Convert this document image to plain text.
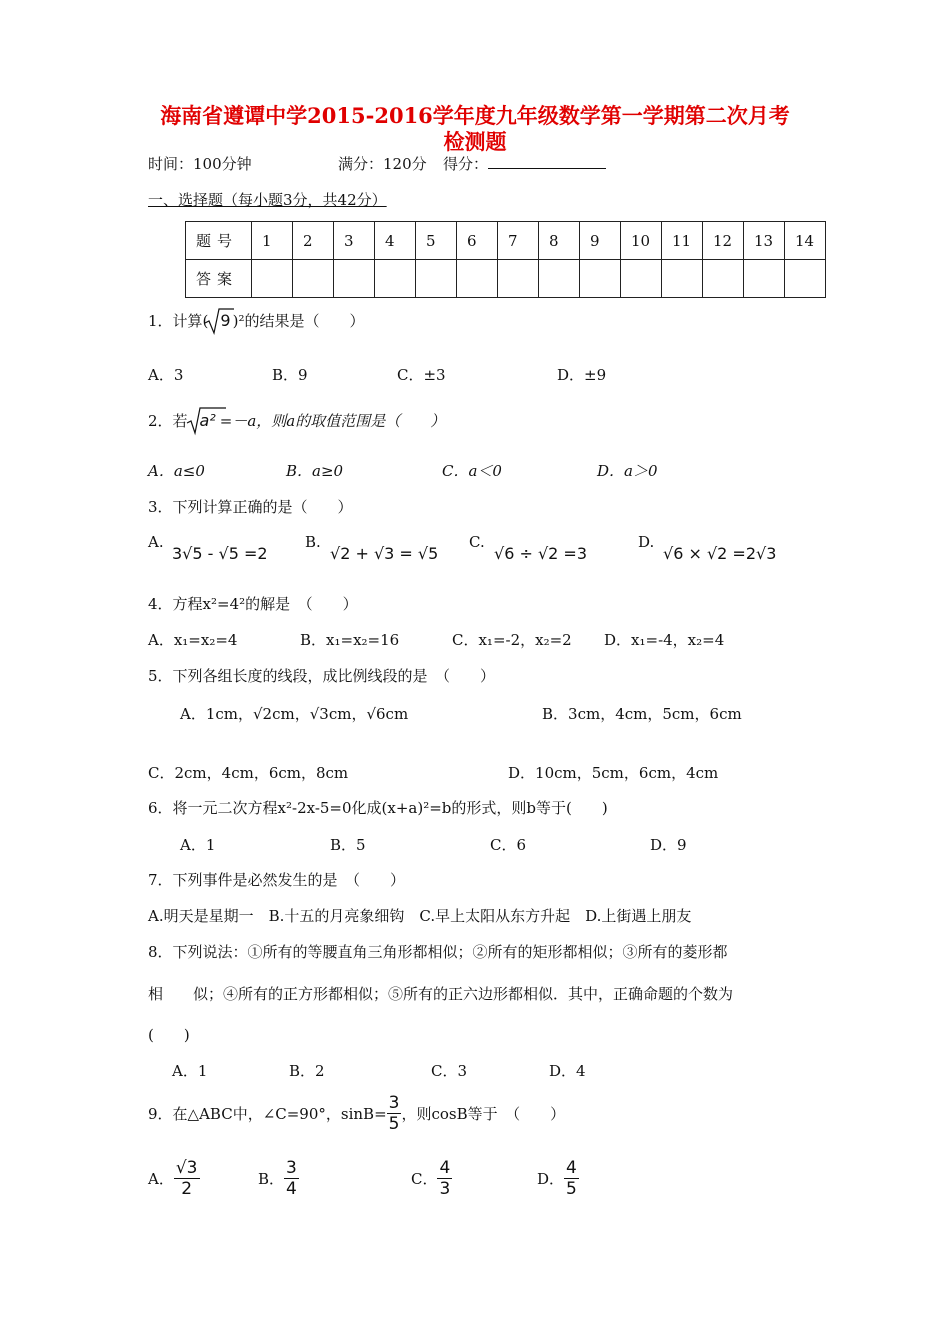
海南省遵谭中学2015-2016学年度九年级数学第一学期第二次月考
检测题
时间：100分钟	满分：120分 得分：
一、选择题（每小题3分，共42分）
题号	1	2	3	4	5	6	7	8	9	10	11	12	13	14
答案														
1．计算( 9 )²的结果是（　　）
A．3	B．9	C．±3	D．±9
2．若 a² =－a，则a的取值范围是（　　）
A．a≤0	B．a≥0	C．a＜0	D．a＞0
3．下列计算正确的是（　　）
A.
3√5 - √5 =2
B.
√2 + √3 = √5
C.
√6 ÷ √2 =3
D.
√6 × √2 =2√3
4．方程x²=4²的解是　（　　）
A．x₁=x₂=4	B．x₁=x₂=16	C．x₁=-2，x₂=2 D．x₁=-4，x₂=4
5．下列各组长度的线段，成比例线段的是　（　　）
A．1cm，√2cm，√3cm，√6cm	B．3cm，4cm，5cm，6cm
C．2cm，4cm，6cm，8cm	D．10cm，5cm，6cm，4cm
6．将一元二次方程x²-2x-5=0化成(x+a)²=b的形式，则b等于(　　)
A．1	B．5	C．6	D．9
7．下列事件是必然发生的是　（　　）
A.明天是星期一　B.十五的月亮象细钩　C.早上太阳从东方升起　D.上街遇上朋友
8．下列说法：①所有的等腰直角三角形都相似；②所有的矩形都相似；③所有的菱形都
相　　似；④所有的正方形都相似；⑤所有的正六边形都相似．其中，正确命题的个数为
(　　)
A．1	B．2	C．3	D．4
9．在△ABC中，∠C=90°，$\sin B= \frac{3}{5}$ ，则cosB等于　（　　）
A． $\frac{√3}{2}$	B． $\frac{3}{4}$	C． $\frac{4}{3}$	D． $\frac{4}{5}$
